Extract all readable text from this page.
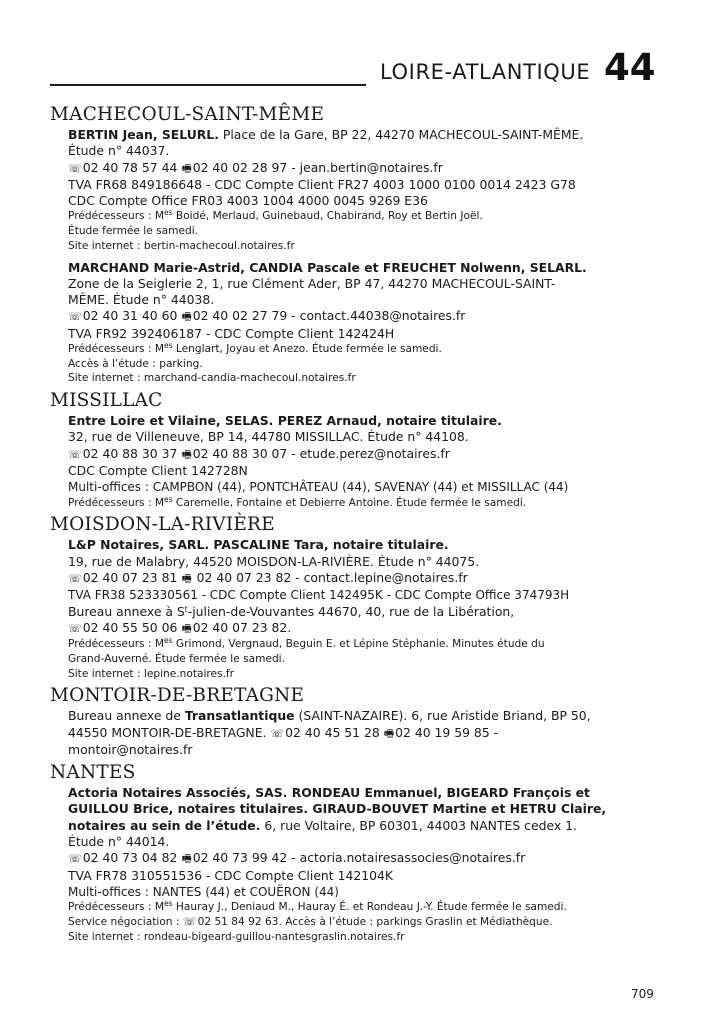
LOIRE-ATLANTIQUE 44
MACHECOUL-SAINT-MÊME
BERTIN Jean, SELURL. Place de la Gare, BP 22, 44270 MACHECOUL-SAINT-MÊME.
Étude n° 44037.
☏02 40 78 57 44 🖷02 40 02 28 97 - jean.bertin@notaires.fr
TVA FR68 849186648 - CDC Compte Client FR27 4003 1000 0100 0014 2423 G78
CDC Compte Office FR03 4003 1004 4000 0045 9269 E36
Prédécesseurs : $M^{es}$ Boidé, Merlaud, Guinebaud, Chabirand, Roy et Bertin Joël.
Étude fermée le samedi.
Site internet : bertin-machecoul.notaires.fr
MARCHAND Marie-Astrid, CANDIA Pascale et FREUCHET Nolwenn, SELARL.
Zone de la Seiglerie 2, 1, rue Clément Ader, BP 47, 44270 MACHECOUL-SAINT-
MÊME. Étude n° 44038.
☏02 40 31 40 60 🖷02 40 02 27 79 - contact.44038@notaires.fr
TVA FR92 392406187 - CDC Compte Client 142424H
Prédécesseurs : $M^{es}$ Lenglart, Joyau et Anezo. Étude fermée le samedi.
Accès à l’étude : parking.
Site internet : marchand-candia-machecoul.notaires.fr
MISSILLAC
Entre Loire et Vilaine, SELAS. PEREZ Arnaud, notaire titulaire.
32, rue de Villeneuve, BP 14, 44780 MISSILLAC. Étude n° 44108.
☏02 40 88 30 37 🖷02 40 88 30 07 - etude.perez@notaires.fr
CDC Compte Client 142728N
Multi-offices : CAMPBON (44), PONTCHÂTEAU (44), SAVENAY (44) et MISSILLAC (44)
Prédécesseurs : $M^{es}$ Caremelle, Fontaine et Debierre Antoine. Étude fermée le samedi.
MOISDON-LA-RIVIÈRE
L&P Notaires, SARL. PASCALINE Tara, notaire titulaire.
19, rue de Malabry, 44520 MOISDON-LA-RIVIÈRE. Étude n° 44075.
☏02 40 07 23 81 🖷 02 40 07 23 82 - contact.lepine@notaires.fr
TVA FR38 523330561 - CDC Compte Client 142495K - CDC Compte Office 374793H
Bureau annexe à $S^t-julien-de$-Vouvantes 44670, 40, rue de la Libération,
☏02 40 55 50 06 🖷02 40 07 23 82.
Prédécesseurs : $M^{es}$ Grimond, Vergnaud, Beguin E. et Lépine Stéphanie. Minutes étude du
Grand-Auverné. Étude fermée le samedi.
Site internet : lepine.notaires.fr
MONTOIR-DE-BRETAGNE
Bureau annexe de Transatlantique (SAINT-NAZAIRE). 6, rue Aristide Briand, BP 50,
44550 MONTOIR-DE-BRETAGNE. ☏02 40 45 51 28 🖷02 40 19 59 85 -
montoir@notaires.fr
NANTES
Actoria Notaires Associés, SAS. RONDEAU Emmanuel, BIGEARD François et
GUILLOU Brice, notaires titulaires. GIRAUD-BOUVET Martine et HETRU Claire,
notaires au sein de l’étude. 6, rue Voltaire, BP 60301, 44003 NANTES cedex 1.
Étude n° 44014.
☏02 40 73 04 82 🖷02 40 73 99 42 - actoria.notairesassocies@notaires.fr
TVA FR78 310551536 - CDC Compte Client 142104K
Multi-offices : NANTES (44) et COUËRON (44)
Prédécesseurs : $M^{es}$ Hauray J., Deniaud M., Hauray É. et Rondeau J.-Y. Étude fermée le samedi.
Service négociation : ☏02 51 84 92 63. Accès à l’étude : parkings Graslin et Médiathèque.
Site internet : rondeau-bigeard-guillou-nantesgraslin.notaires.fr
709
